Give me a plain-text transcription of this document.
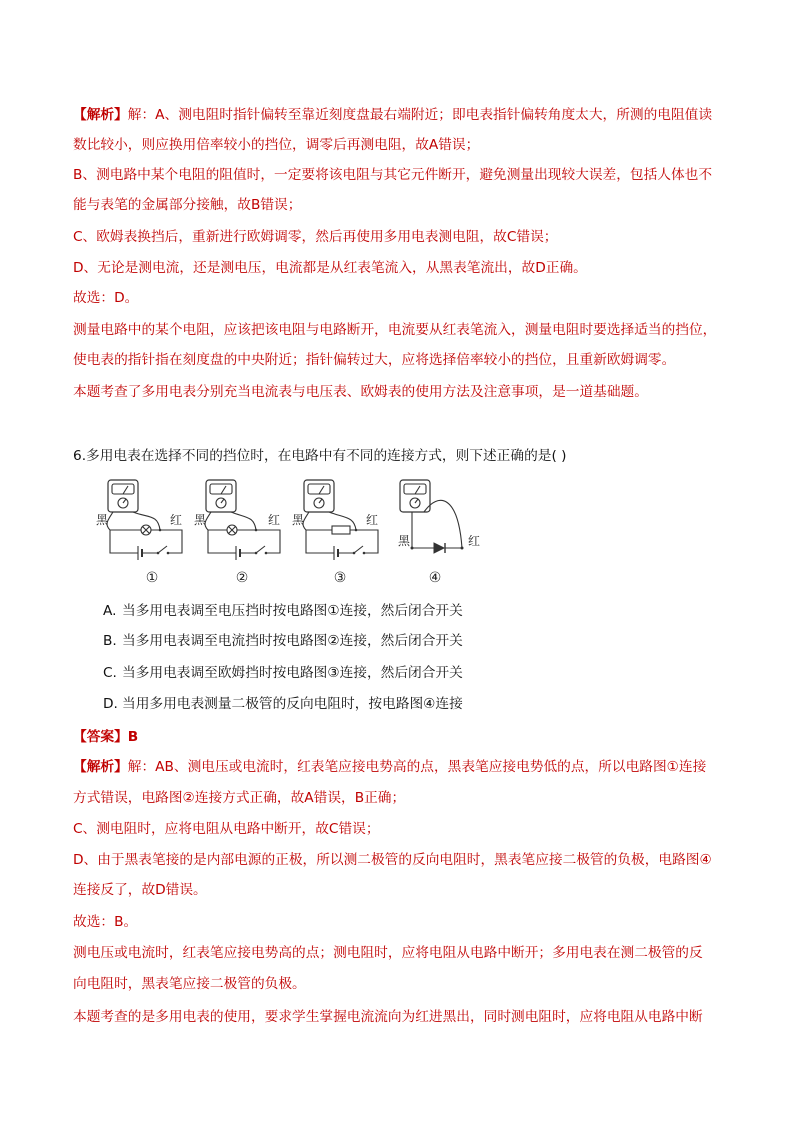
【解析】解：A、测电阻时指针偏转至靠近刻度盘最右端附近；即电表指针偏转角度太大，所测的电阻值读
数比较小，则应换用倍率较小的挡位，调零后再测电阻，故A错误；
B、测电路中某个电阻的阻值时，一定要将该电阻与其它元件断开，避免测量出现较大误差，包括人体也不
能与表笔的金属部分接触，故B错误；
C、欧姆表换挡后，重新进行欧姆调零，然后再使用多用电表测电阻，故C错误；
D、无论是测电流，还是测电压，电流都是从红表笔流入，从黑表笔流出，故D正确。
故选：D。
测量电路中的某个电阻，应该把该电阻与电路断开，电流要从红表笔流入，测量电阻时要选择适当的挡位，
使电表的指针指在刻度盘的中央附近；指针偏转过大，应将选择倍率较小的挡位，且重新欧姆调零。
本题考查了多用电表分别充当电流表与电压表、欧姆表的使用方法及注意事项，是一道基础题。
6.多用电表在选择不同的挡位时，在电路中有不同的连接方式，则下述正确的是( )
黑	红
①
黑	红
②
黑	红
③
黑	红
④
A. 当多用电表调至电压挡时按电路图①连接，然后闭合开关
B. 当多用电表调至电流挡时按电路图②连接，然后闭合开关
C. 当多用电表调至欧姆挡时按电路图③连接，然后闭合开关
D. 当用多用电表测量二极管的反向电阻时，按电路图④连接
【答案】B
【解析】解：AB、测电压或电流时，红表笔应接电势高的点，黑表笔应接电势低的点，所以电路图①连接
方式错误，电路图②连接方式正确，故A错误，B正确；
C、测电阻时，应将电阻从电路中断开，故C错误；
D、由于黑表笔接的是内部电源的正极，所以测二极管的反向电阻时，黑表笔应接二极管的负极，电路图④
连接反了，故D错误。
故选：B。
测电压或电流时，红表笔应接电势高的点；测电阻时，应将电阻从电路中断开；多用电表在测二极管的反
向电阻时，黑表笔应接二极管的负极。
本题考查的是多用电表的使用，要求学生掌握电流流向为红进黑出，同时测电阻时，应将电阻从电路中断
